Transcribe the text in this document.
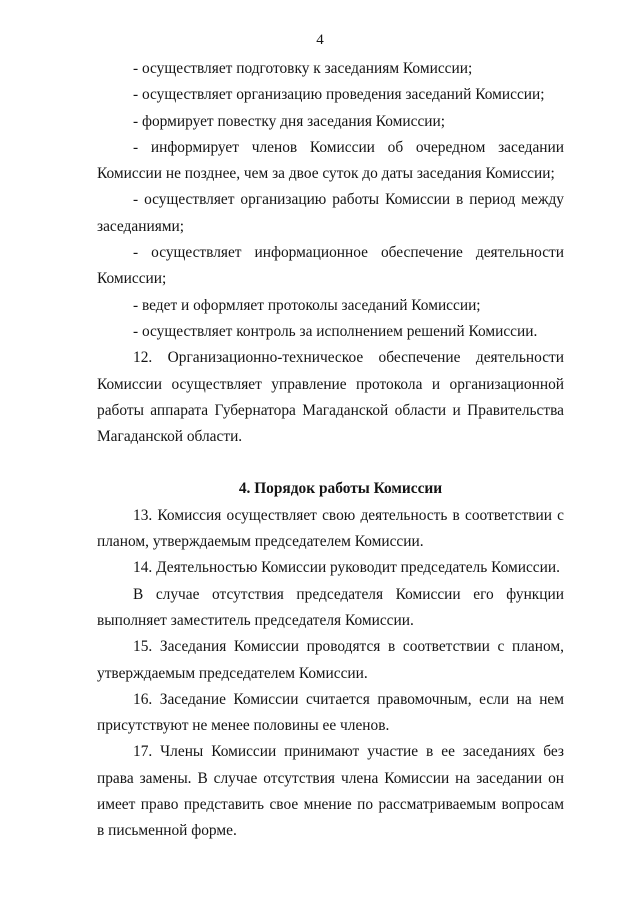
4

- осуществляет подготовку к заседаниям Комиссии;

- осуществляет организацию проведения заседаний Комиссии;

- формирует повестку дня заседания Комиссии;

- информирует членов Комиссии об очередном заседании Комиссии не позднее, чем за двое суток до даты заседания Комиссии;

- осуществляет организацию работы Комиссии в период между заседаниями;

- осуществляет информационное обеспечение деятельности Комиссии;

- ведет и оформляет протоколы заседаний Комиссии;

- осуществляет контроль за исполнением решений Комиссии.

12. Организационно-техническое обеспечение деятельности Комиссии осуществляет управление протокола и организационной работы аппарата Губернатора Магаданской области и Правительства Магаданской области.

4. Порядок работы Комиссии

13. Комиссия осуществляет свою деятельность в соответствии с планом, утверждаемым председателем Комиссии.

14. Деятельностью Комиссии руководит председатель Комиссии.

В случае отсутствия председателя Комиссии его функции выполняет заместитель председателя Комиссии.

15. Заседания Комиссии проводятся в соответствии с планом, утверждаемым председателем Комиссии.

16. Заседание Комиссии считается правомочным, если на нем присутствуют не менее половины ее членов.

17. Члены Комиссии принимают участие в ее заседаниях без права замены. В случае отсутствия члена Комиссии на заседании он имеет право представить свое мнение по рассматриваемым вопросам в письменной форме.
